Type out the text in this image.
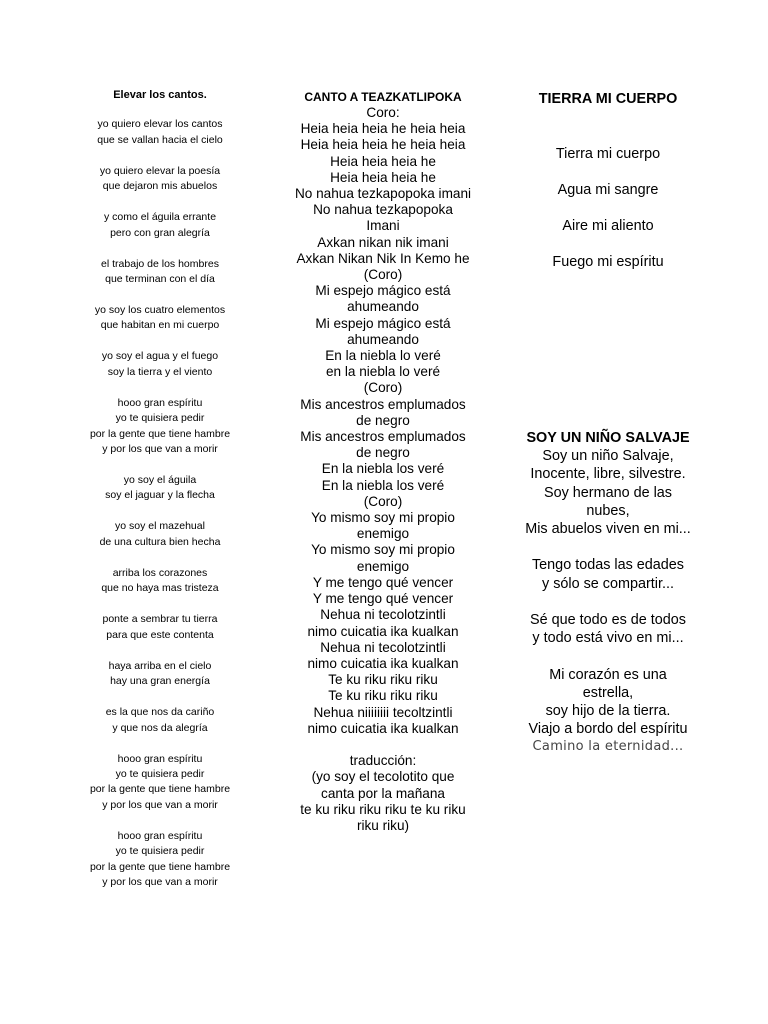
Elevar los cantos.
yo quiero elevar los cantos
que se vallan hacia el cielo
yo quiero elevar la poesía
que dejaron mis abuelos
y como el águila errante
pero con gran alegría
el trabajo de los hombres
que terminan con el día
yo soy los cuatro elementos
que habitan en mi cuerpo
yo soy el agua y el fuego
soy la tierra y el viento
hooo gran espíritu
yo te quisiera pedir
por la gente que tiene hambre
y por los que van a morir
yo soy el águila
soy el jaguar y la flecha
yo soy el mazehual
de una cultura bien hecha
arriba los corazones
que no haya mas tristeza
ponte a sembrar tu tierra
para que este contenta
haya arriba en el cielo
hay una gran energía
es la que nos da cariño
y que nos da alegría
hooo gran espíritu
yo te quisiera pedir
por la gente que tiene hambre
y por los que van a morir
hooo gran espíritu
yo te quisiera pedir
por la gente que tiene hambre
y por los que van a morir
CANTO A TEAZKATLIPOKA
Coro:
Heia heia heia he heia heia
Heia heia heia he heia heia
Heia heia heia he
Heia heia heia he
No nahua tezkapopoka imani
No nahua tezkapopoka
Imani
Axkan nikan nik imani
Axkan Nikan Nik In Kemo he
(Coro)
Mi espejo mágico está
ahumeando
Mi espejo mágico está
ahumeando
En la niebla lo veré
en la niebla lo veré
(Coro)
Mis ancestros emplumados
de negro
Mis ancestros emplumados
de negro
En la niebla los veré
En la niebla los veré
(Coro)
Yo mismo soy mi propio
enemigo
Yo mismo soy mi propio
enemigo
Y me tengo qué vencer
Y me tengo qué vencer
Nehua ni tecolotzintli
nimo cuicatia ika kualkan
Nehua ni tecolotzintli
nimo cuicatia ika kualkan
Te ku riku riku riku
Te ku riku riku riku
Nehua niiiiiiii tecoltzintli
nimo cuicatia ika kualkan
traducción:
(yo soy el tecolotito que
canta por la mañana
te ku riku riku riku te ku riku
riku riku)
TIERRA MI CUERPO
Tierra mi cuerpo
Agua mi sangre
Aire mi aliento
Fuego mi espíritu
SOY UN NIÑO SALVAJE
Soy un niño Salvaje,
Inocente, libre, silvestre.
Soy hermano de las
nubes,
Mis abuelos viven en mi...
Tengo todas las edades
y sólo se compartir...
Sé que todo es de todos
y todo está vivo en mi...
Mi corazón es una
estrella,
soy hijo de la tierra.
Viajo a bordo del espíritu
Camino la eternidad...
